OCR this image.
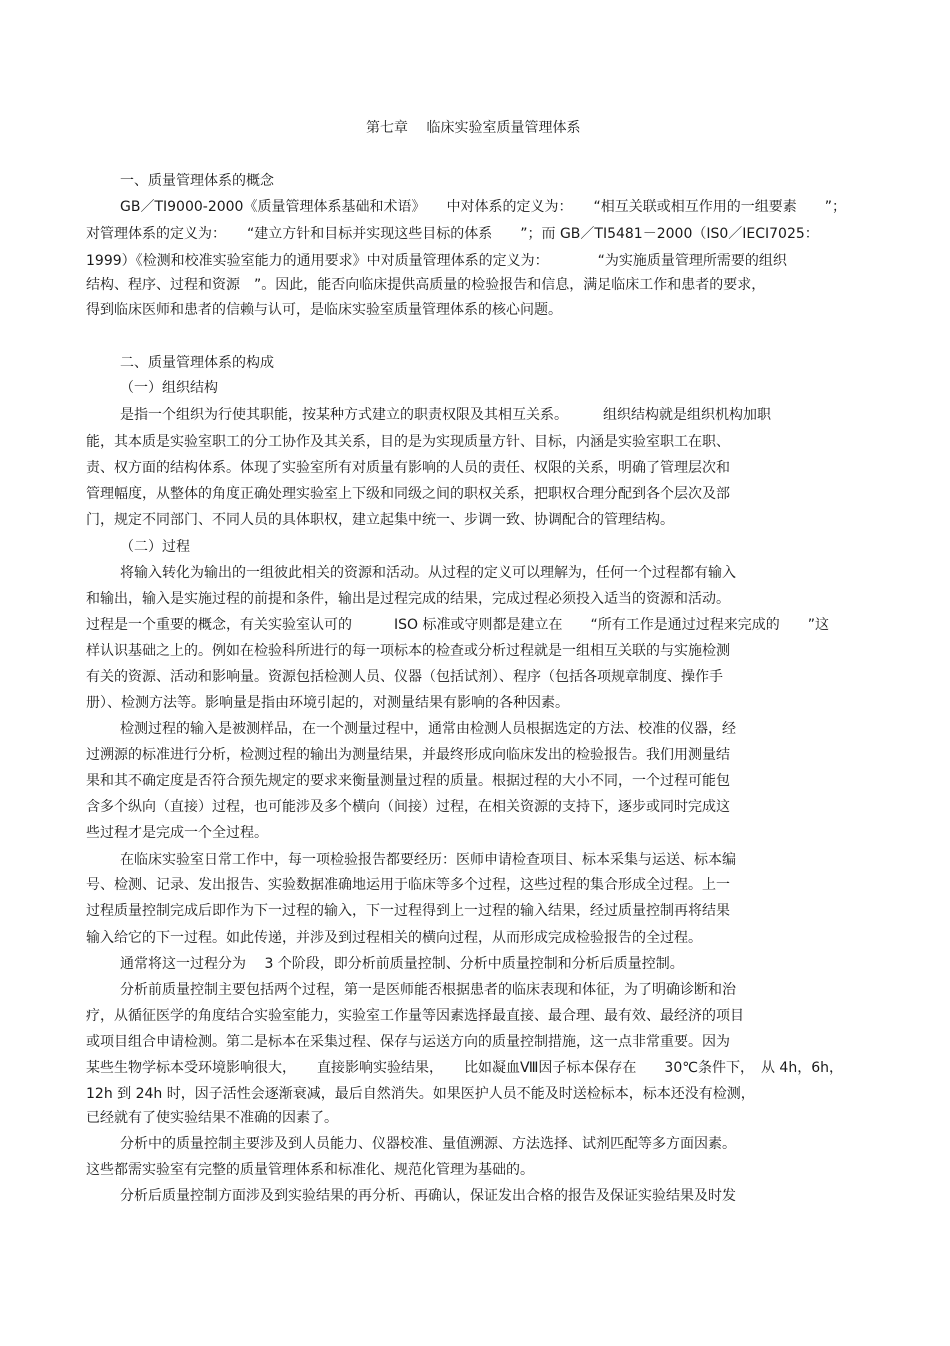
第七章　 临床实验室质量管理体系

一、质量管理体系的概念

GB／TI9000-2000《质量管理体系基础和术语》　　中对体系的定义为：　　“相互关联或相互作用的一组要素　　”；

对管理体系的定义为：　　“建立方针和目标并实现这些目标的体系　　”；而 GB／TI5481－2000（IS0／IECI7025：

1999）《检测和校准实验室能力的通用要求》中对质量管理体系的定义为：　　　　“为实施质量管理所需要的组织

结构、程序、过程和资源　”。因此，能否向临床提供高质量的检验报告和信息，满足临床工作和患者的要求，

得到临床医师和患者的信赖与认可，是临床实验室质量管理体系的核心问题。

二、质量管理体系的构成

（一）组织结构

是指一个组织为行使其职能，按某种方式建立的职责权限及其相互关系。　　　组织结构就是组织机构加职

能，其本质是实验室职工的分工协作及其关系，目的是为实现质量方针、目标，内涵是实验室职工在职、

责、权方面的结构体系。体现了实验室所有对质量有影响的人员的责任、权限的关系，明确了管理层次和

管理幅度，从整体的角度正确处理实验室上下级和同级之间的职权关系，把职权合理分配到各个层次及部

门，规定不同部门、不同人员的具体职权，建立起集中统一、步调一致、协调配合的管理结构。

（二）过程

将输入转化为输出的一组彼此相关的资源和活动。从过程的定义可以理解为，任何一个过程都有输入

和输出，输入是实施过程的前提和条件，输出是过程完成的结果，完成过程必须投入适当的资源和活动。

过程是一个重要的概念，有关实验室认可的　　　ISO 标准或守则都是建立在　　“所有工作是通过过程来完成的　　”这

样认识基础之上的。例如在检验科所进行的每一项标本的检查或分析过程就是一组相互关联的与实施检测

有关的资源、活动和影响量。资源包括检测人员、仪器（包括试剂）、程序（包括各项规章制度、操作手

册）、检测方法等。影响量是指由环境引起的，对测量结果有影响的各种因素。

检测过程的输入是被测样品，在一个测量过程中，通常由检测人员根据选定的方法、校准的仪器，经

过溯源的标准进行分析，检测过程的输出为测量结果，并最终形成向临床发出的检验报告。我们用测量结

果和其不确定度是否符合预先规定的要求来衡量测量过程的质量。根据过程的大小不同，一个过程可能包

含多个纵向（直接）过程，也可能涉及多个横向（间接）过程，在相关资源的支持下，逐步或同时完成这

些过程才是完成一个全过程。

在临床实验室日常工作中，每一项检验报告都要经历：医师申请检查项目、标本采集与运送、标本编

号、检测、记录、发出报告、实验数据准确地运用于临床等多个过程，这些过程的集合形成全过程。上一

过程质量控制完成后即作为下一过程的输入，下一过程得到上一过程的输入结果，经过质量控制再将结果

输入给它的下一过程。如此传递，并涉及到过程相关的横向过程，从而形成完成检验报告的全过程。

通常将这一过程分为　 3 个阶段，即分析前质量控制、分析中质量控制和分析后质量控制。

分析前质量控制主要包括两个过程，第一是医师能否根据患者的临床表现和体征，为了明确诊断和治

疗，从循征医学的角度结合实验室能力，实验室工作量等因素选择最直接、最合理、最有效、最经济的项目

或项目组合申请检测。第二是标本在采集过程、保存与运送方向的质量控制措施，这一点非常重要。因为

某些生物学标本受环境影响很大，　　直接影响实验结果，　　比如凝血Ⅷ因子标本保存在　　30℃条件下，　从 4h，6h，

12h 到 24h 时，因子活性会逐渐衰减，最后自然消失。如果医护人员不能及时送检标本，标本还没有检测，

已经就有了使实验结果不准确的因素了。

分析中的质量控制主要涉及到人员能力、仪器校准、量值溯源、方法选择、试剂匹配等多方面因素。

这些都需实验室有完整的质量管理体系和标准化、规范化管理为基础的。

分析后质量控制方面涉及到实验结果的再分析、再确认，保证发出合格的报告及保证实验结果及时发
